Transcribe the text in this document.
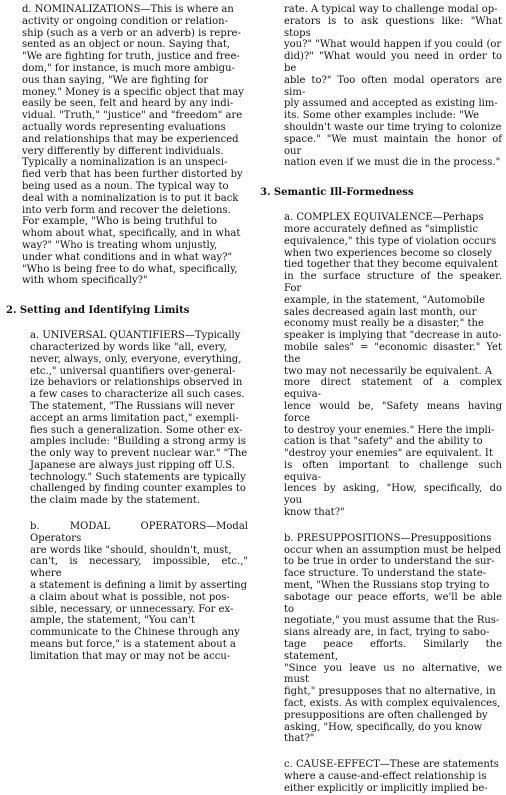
d. NOMINALIZATIONS—This is where an
activity or ongoing condition or relation-
ship (such as a verb or an adverb) is repre-
sented as an object or noun. Saying that,
"We are fighting for truth, justice and free-
dom," for instance, is much more ambigu-
ous than saying, "We are fighting for
money." Money is a specific object that may
easily be seen, felt and heard by any indi-
vidual. "Truth," "justice" and "freedom" are
actually words representing evaluations
and relationships that may be experienced
very differently by different individuals.
Typically a nominalization is an unspeci-
fied verb that has been further distorted by
being used as a noun. The typical way to
deal with a nominalization is to put it back
into verb form and recover the deletions.
For example, "Who is being truthful to
whom about what, specifically, and in what
way?" "Who is treating whom unjustly,
under what conditions and in what way?"
"Who is being free to do what, specifically,
with whom specifically?"

2. Setting and Identifying Limits

a. UNIVERSAL QUANTIFIERS—Typically
characterized by words like "all, every,
never, always, only, everyone, everything,
etc.," universal quantifiers over-general-
ize behaviors or relationships observed in
a few cases to characterize all such cases.
The statement, "The Russians will never
accept an arms limitation pact," exempli-
fies such a generalization. Some other ex-
amples include: "Building a strong army is
the only way to prevent nuclear war." "The
Japanese are always just ripping off U.S.
technology." Such statements are typically
challenged by finding counter examples to
the claim made by the statement.

b. MODAL OPERATORS—Modal Operators
are words like "should, shouldn't, must,
can't, is necessary, impossible, etc.," where
a statement is defining a limit by asserting
a claim about what is possible, not pos-
sible, necessary, or unnecessary. For ex-
ample, the statement, "You can't
communicate to the Chinese through any
means but force," is a statement about a
limitation that may or may not be accu-

rate. A typical way to challenge modal op-
erators is to ask questions like: "What stops
you?" "What would happen if you could (or
did)?" "What would you need in order to be
able to?" Too often modal operators are sim-
ply assumed and accepted as existing lim-
its. Some other examples include: "We
shouldn't waste our time trying to colonize
space." "We must maintain the honor of our
nation even if we must die in the process."

3. Semantic Ill-Formedness

a. COMPLEX EQUIVALENCE—Perhaps
more accurately defined as "simplistic
equivalence," this type of violation occurs
when two experiences become so closely
tied together that they become equivalent
in the surface structure of the speaker. For
example, in the statement, "Automobile
sales decreased again last month, our
economy must really be a disaster," the
speaker is implying that "decrease in auto-
mobile sales" = "economic disaster." Yet the
two may not necessarily be equivalent. A
more direct statement of a complex equiva-
lence would be, "Safety means having force
to destroy your enemies." Here the impli-
cation is that "safety" and the ability to
"destroy your enemies" are equivalent. It
is often important to challenge such equiva-
lences by asking, "How, specifically, do you
know that?"

b. PRESUPPOSITIONS—Presuppositions
occur when an assumption must be helped
to be true in order to understand the sur-
face structure. To understand the state-
ment, "When the Russians stop trying to
sabotage our peace efforts, we'll be able to
negotiate," you must assume that the Rus-
sians already are, in fact, trying to sabo-
tage peace efforts. Similarly the statement,
"Since you leave us no alternative, we must
fight," presupposes that no alternative, in
fact, exists. As with complex equivalences,
presuppositions are often challenged by
asking, "How, specifically, do you know
that?"

c. CAUSE-EFFECT—These are statements
where a cause-and-effect relationship is
either explicitly or implicitly implied be-
